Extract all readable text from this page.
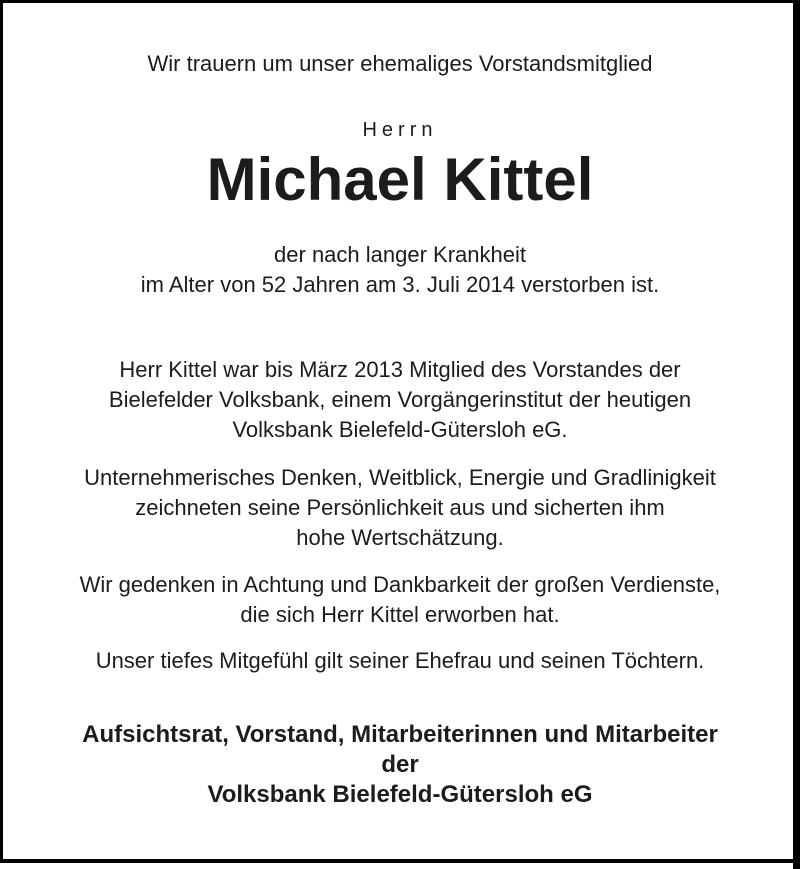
Wir trauern um unser ehemaliges Vorstandsmitglied
Herrn
Michael Kittel
der nach langer Krankheit
im Alter von 52 Jahren am 3. Juli 2014 verstorben ist.
Herr Kittel war bis März 2013 Mitglied des Vorstandes der
Bielefelder Volksbank, einem Vorgängerinstitut der heutigen
Volksbank Bielefeld-Gütersloh eG.
Unternehmerisches Denken, Weitblick, Energie und Gradlinigkeit
zeichneten seine Persönlichkeit aus und sicherten ihm
hohe Wertschätzung.
Wir gedenken in Achtung und Dankbarkeit der großen Verdienste,
die sich Herr Kittel erworben hat.
Unser tiefes Mitgefühl gilt seiner Ehefrau und seinen Töchtern.
Aufsichtsrat, Vorstand, Mitarbeiterinnen und Mitarbeiter
der
Volksbank Bielefeld-Gütersloh eG
